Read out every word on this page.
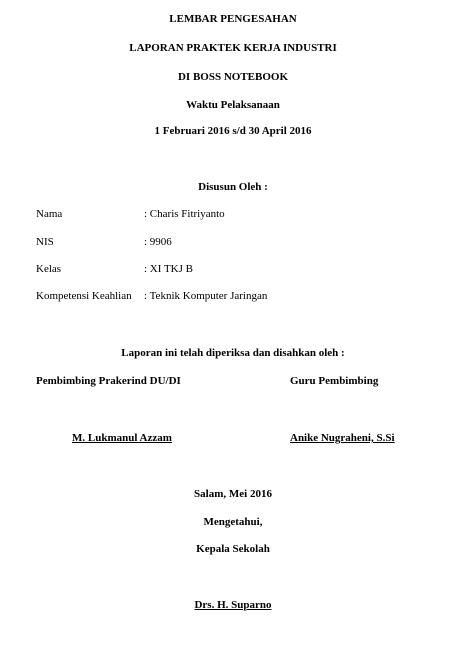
LEMBAR PENGESAHAN
LAPORAN PRAKTEK KERJA INDUSTRI
DI BOSS NOTEBOOK
Waktu Pelaksanaan
1 Februari 2016 s/d 30 April 2016
Disusun Oleh :
Nama	: Charis Fitriyanto
NIS	: 9906
Kelas	: XI TKJ B
Kompetensi Keahlian : Teknik Komputer Jaringan
Laporan ini telah diperiksa dan disahkan oleh :
Pembimbing Prakerind DU/DI	Guru Pembimbing
M. Lukmanul Azzam	Anike Nugraheni, S.Si
Salam, Mei 2016
Mengetahui,
Kepala Sekolah
Drs. H. Suparno
